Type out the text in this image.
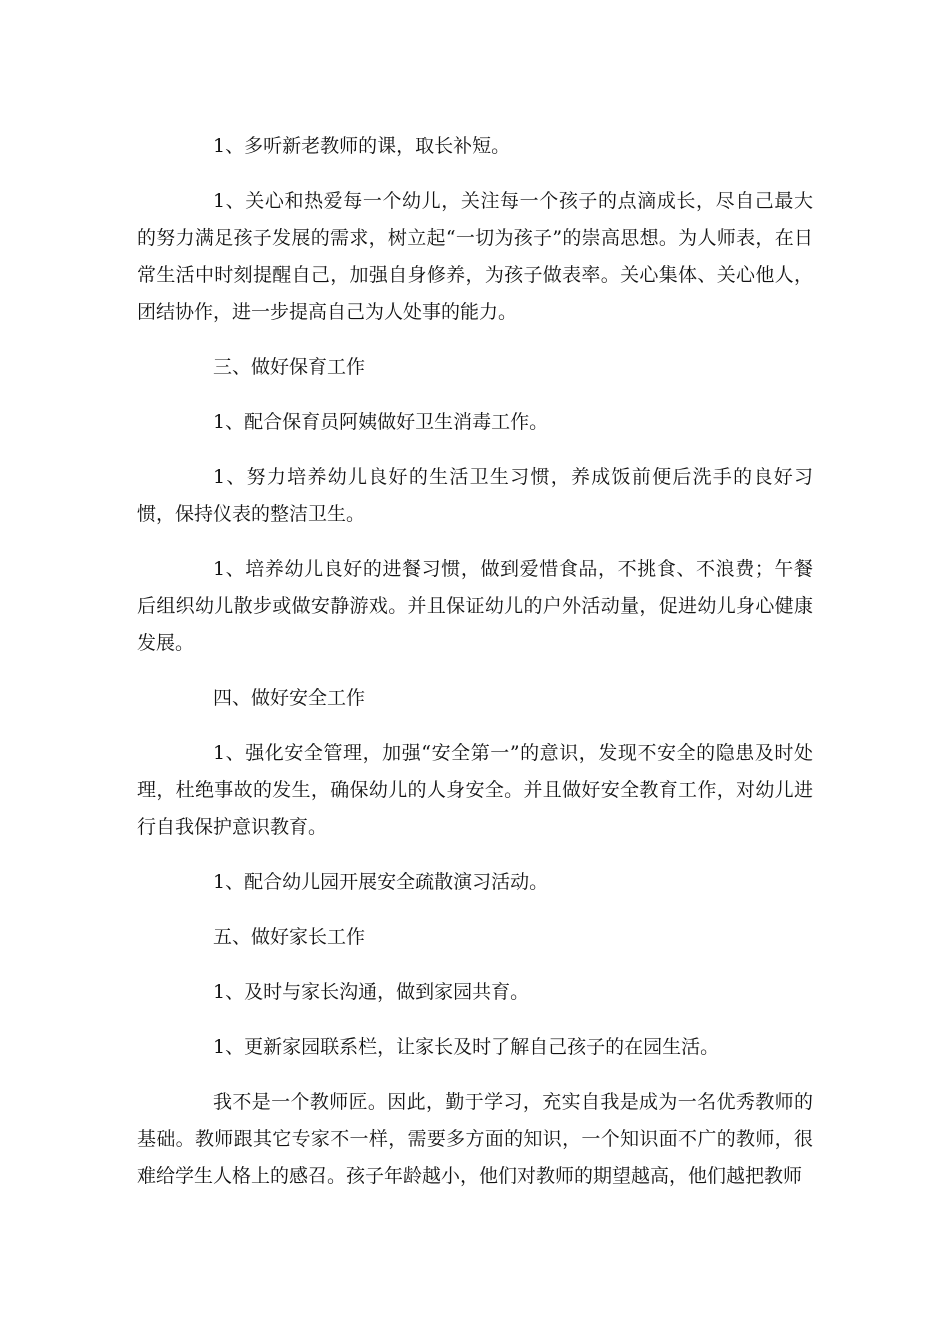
1、多听新老教师的课，取长补短。

1、关心和热爱每一个幼儿，关注每一个孩子的点滴成长，尽自己最大的努力满足孩子发展的需求，树立起“一切为孩子”的崇高思想。为人师表，在日常生活中时刻提醒自己，加强自身修养，为孩子做表率。关心集体、关心他人，团结协作，进一步提高自己为人处事的能力。

三、做好保育工作

1、配合保育员阿姨做好卫生消毒工作。

1、努力培养幼儿良好的生活卫生习惯，养成饭前便后洗手的良好习惯，保持仪表的整洁卫生。

1、培养幼儿良好的进餐习惯，做到爱惜食品，不挑食、不浪费；午餐后组织幼儿散步或做安静游戏。并且保证幼儿的户外活动量，促进幼儿身心健康发展。

四、做好安全工作

1、强化安全管理，加强“安全第一”的意识，发现不安全的隐患及时处理，杜绝事故的发生，确保幼儿的人身安全。并且做好安全教育工作，对幼儿进行自我保护意识教育。

1、配合幼儿园开展安全疏散演习活动。

五、做好家长工作

1、及时与家长沟通，做到家园共育。

1、更新家园联系栏，让家长及时了解自己孩子的在园生活。

我不是一个教师匠。因此，勤于学习，充实自我是成为一名优秀教师的基础。教师跟其它专家不一样，需要多方面的知识，一个知识面不广的教师，很难给学生人格上的感召。孩子年龄越小，他们对教师的期望越高，他们越把教师
